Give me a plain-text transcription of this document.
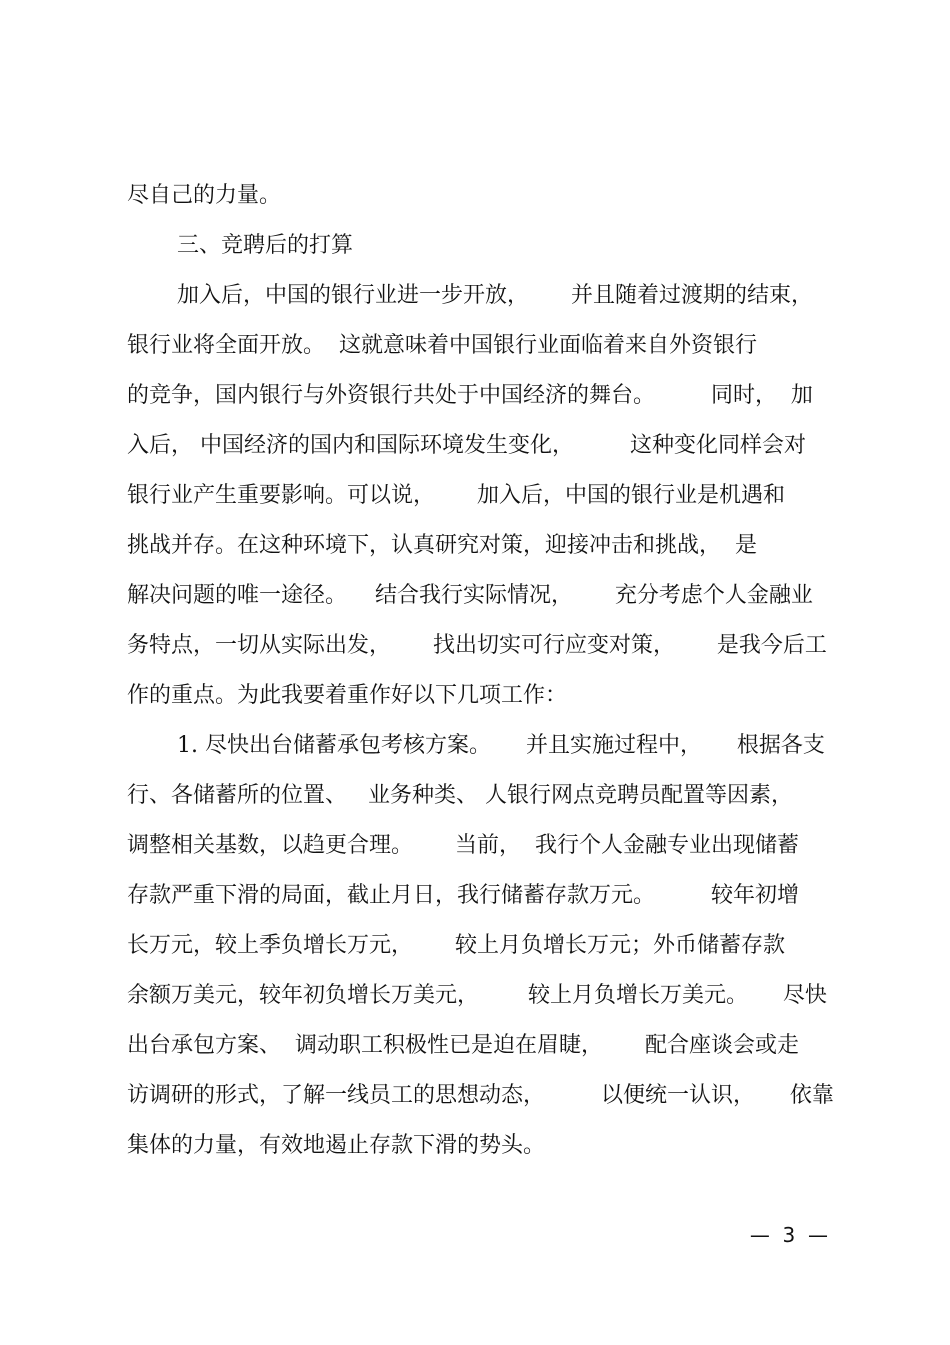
尽自己的力量。

三、竞聘后的打算

加入后，中国的银行业进一步开放，      并且随着过渡期的结束，

银行业将全面开放。  这就意味着中国银行业面临着来自外资银行

的竞争，国内银行与外资银行共处于中国经济的舞台。        同时，  加

入后， 中国经济的国内和国际环境发生变化，        这种变化同样会对

银行业产生重要影响。可以说，      加入后，中国的银行业是机遇和

挑战并存。在这种环境下，认真研究对策，迎接冲击和挑战，  是

解决问题的唯一途径。    结合我行实际情况，      充分考虑个人金融业

务特点，一切从实际出发，      找出切实可行应变对策，      是我今后工

作的重点。为此我要着重作好以下几项工作：

1. 尽快出台储蓄承包考核方案。     并且实施过程中，     根据各支

行、各储蓄所的位置、   业务种类、 人银行网点竞聘员配置等因素，

调整相关基数，以趋更合理。      当前，  我行个人金融专业出现储蓄

存款严重下滑的局面，截止月日，我行储蓄存款万元。        较年初增

长万元，较上季负增长万元，      较上月负增长万元；外币储蓄存款

余额万美元，较年初负增长万美元，       较上月负增长万美元。     尽快

出台承包方案、  调动职工积极性已是迫在眉睫，      配合座谈会或走

访调研的形式，了解一线员工的思想动态，        以便统一认识，     依靠

集体的力量，有效地遏止存款下滑的势头。

—  3  —
